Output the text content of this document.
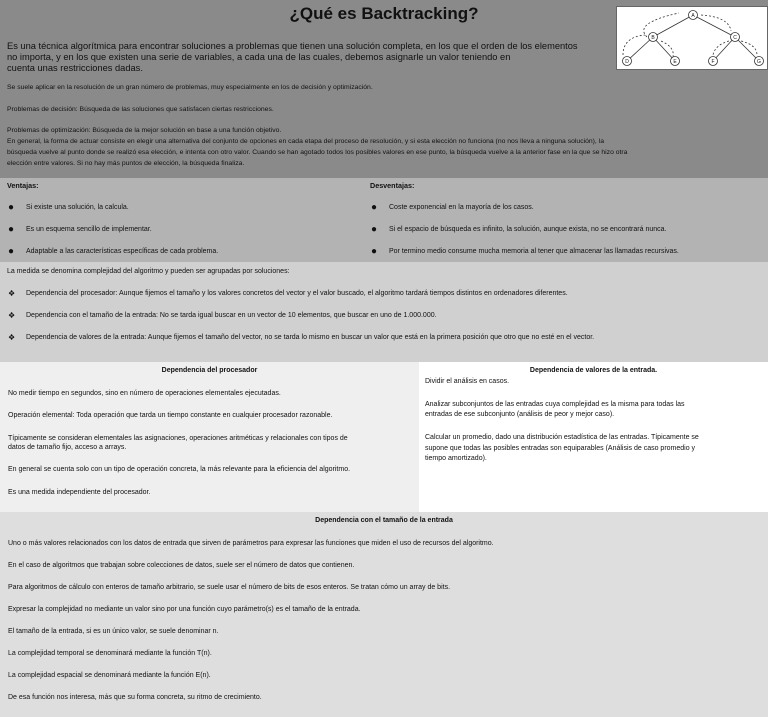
¿Qué es Backtracking?	A
B	C
D	E	F	G
Es una técnica algorítmica para encontrar soluciones a problemas que tienen una solución completa, en los que el orden de los elementos
no importa, y en los que existen una serie de variables, a cada una de las cuales, debemos asignarle un valor teniendo en
cuenta unas restricciones dadas.
Se suele aplicar en la resolución de un gran número de problemas, muy especialmente en los de decisión y optimización.
Problemas de decisión: Búsqueda de las soluciones que satisfacen ciertas restricciones.
Problemas de optimización: Búsqueda de la mejor solución en base a una función objetivo.
En general, la forma de actuar consiste en elegir una alternativa del conjunto de opciones en cada etapa del proceso de resolución, y si esta elección no funciona (no nos lleva a ninguna solución), la
búsqueda vuelve al punto donde se realizó esa elección, e intenta con otro valor. Cuando se han agotado todos los posibles valores en ese punto, la búsqueda vuelve a la anterior fase en la que se hizo otra
elección entre valores. Si no hay más puntos de elección, la búsqueda finaliza.
Ventajas:
● Si existe una solución, la calcula.
● Es un esquema sencillo de implementar.
● Adaptable a las características específicas de cada problema.
Desventajas:
● Coste exponencial en la mayoría de los casos.
● Si el espacio de búsqueda es infinito, la solución, aunque exista, no se encontrará nunca.
● Por termino medio consume mucha memoria al tener que almacenar las llamadas recursivas.
La medida se denomina complejidad del algoritmo y pueden ser agrupadas por soluciones:
❖ Dependencia del procesador: Aunque fijemos el tamaño y los valores concretos del vector y el valor buscado, el algoritmo tardará tiempos distintos en ordenadores diferentes.
❖ Dependencia con el tamaño de la entrada: No se tarda igual buscar en un vector de 10 elementos, que buscar en uno de 1.000.000.
❖ Dependencia de valores de la entrada: Aunque fijemos el tamaño del vector, no se tarda lo mismo en buscar un valor que está en la primera posición que otro que no esté en el vector.
Dependencia del procesador
No medir tiempo en segundos, sino en número de operaciones elementales ejecutadas.
Operación elemental: Toda operación que tarda un tiempo constante en cualquier procesador razonable.
Típicamente se consideran elementales las asignaciones, operaciones aritméticas y relacionales con tipos de
datos de tamaño fijo, acceso a arrays.
En general se cuenta solo con un tipo de operación concreta, la más relevante para la eficiencia del algoritmo.
Es una medida independiente del procesador.
Dependencia de valores de la entrada.
Dividir el análisis en casos.
Analizar subconjuntos de las entradas cuya complejidad es la misma para todas las
entradas de ese subconjunto (análisis de peor y mejor caso).
Calcular un promedio, dado una distribución estadística de las entradas. Típicamente se
supone que todas las posibles entradas son equiparables (Análisis de caso promedio y
tiempo amortizado).
Dependencia con el tamaño de la entrada
Uno o más valores relacionados con los datos de entrada que sirven de parámetros para expresar las funciones que miden el uso de recursos del algoritmo.
En el caso de algoritmos que trabajan sobre colecciones de datos, suele ser el número de datos que contienen.
Para algoritmos de cálculo con enteros de tamaño arbitrario, se suele usar el número de bits de esos enteros. Se tratan cómo un array de bits.
Expresar la complejidad no mediante un valor sino por una función cuyo parámetro(s) es el tamaño de la entrada.
El tamaño de la entrada, si es un único valor, se suele denominar n.
La complejidad temporal se denominará mediante la función T(n).
La complejidad espacial se denominará mediante la función E(n).
De esa función nos interesa, más que su forma concreta, su ritmo de crecimiento.
